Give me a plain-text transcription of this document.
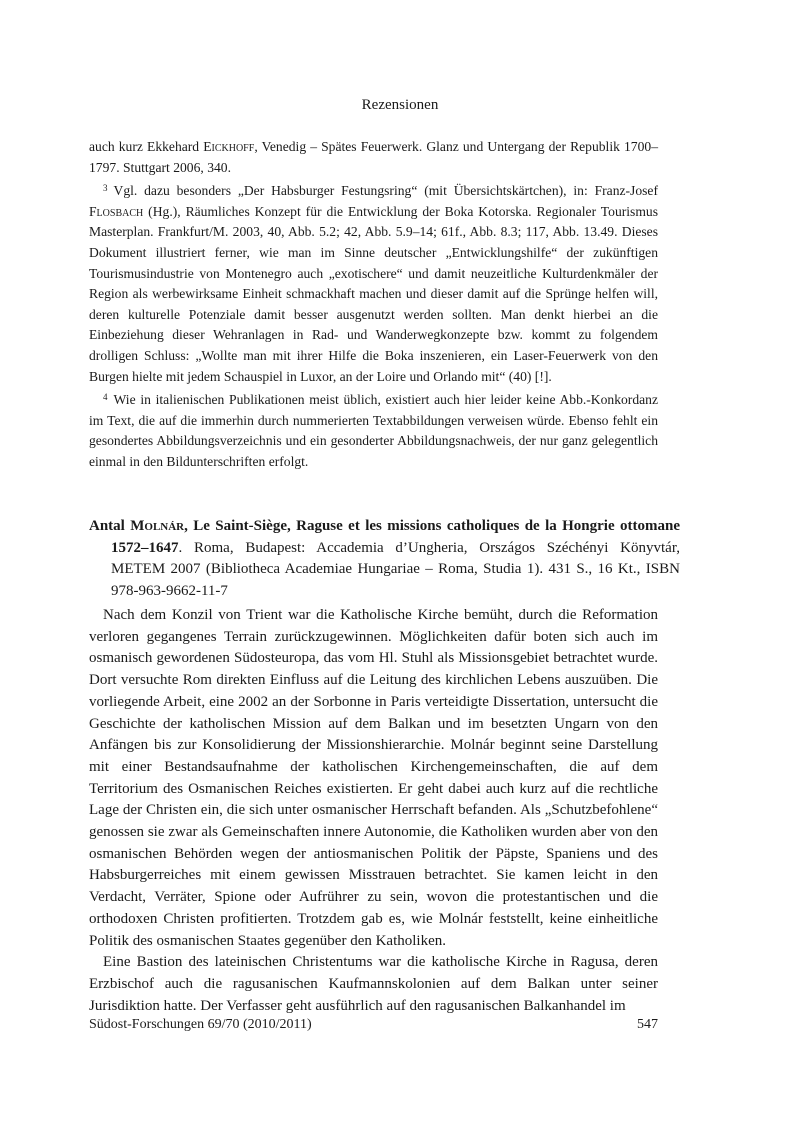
Rezensionen

auch kurz Ekkehard Eickhoff, Venedig – Spätes Feuerwerk. Glanz und Untergang der Republik 1700–1797. Stuttgart 2006, 340.

$^3$ Vgl. dazu besonders „Der Habsburger Festungsring“ (mit Übersichtskärtchen), in: Franz-Josef Flosbach (Hg.), Räumliches Konzept für die Entwicklung der Boka Kotorska. Regionaler Tourismus Masterplan. Frankfurt/M. 2003, 40, Abb. 5.2; 42, Abb. 5.9–14; 61f., Abb. 8.3; 117, Abb. 13.49. Dieses Dokument illustriert ferner, wie man im Sinne deutscher „Entwicklungshilfe“ der zukünftigen Tourismusindustrie von Montenegro auch „exotischere“ und damit neuzeitliche Kulturdenkmäler der Region als werbewirksame Einheit schmackhaft machen und dieser damit auf die Sprünge helfen will, deren kulturelle Potenziale damit besser ausgenutzt werden sollten. Man denkt hierbei an die Einbeziehung dieser Wehranlagen in Rad- und Wanderwegkonzepte bzw. kommt zu folgendem drolligen Schluss: „Wollte man mit ihrer Hilfe die Boka inszenieren, ein Laser-Feuerwerk von den Burgen hielte mit jedem Schauspiel in Luxor, an der Loire und Orlando mit“ (40) [!].

$^4$ Wie in italienischen Publikationen meist üblich, existiert auch hier leider keine Abb.-Konkordanz im Text, die auf die immerhin durch nummerierten Textabbildungen verweisen würde. Ebenso fehlt ein gesondertes Abbildungsverzeichnis und ein gesonderter Abbildungsnachweis, der nur ganz gelegentlich einmal in den Bildunterschriften erfolgt.

Antal Molnár, Le Saint-Siège, Raguse et les missions catholiques de la Hongrie ottomane 1572–1647. Roma, Budapest: Accademia d’Ungheria, Országos Széchényi Könyvtár, METEM 2007 (Bibliotheca Academiae Hungariae – Roma, Studia 1). 431 S., 16 Kt., ISBN 978-963-9662-11-7

Nach dem Konzil von Trient war die Katholische Kirche bemüht, durch die Reformation verloren gegangenes Terrain zurückzugewinnen. Möglichkeiten dafür boten sich auch im osmanisch gewordenen Südosteuropa, das vom Hl. Stuhl als Missionsgebiet betrachtet wurde. Dort versuchte Rom direkten Einfluss auf die Leitung des kirchlichen Lebens auszuüben. Die vorliegende Arbeit, eine 2002 an der Sorbonne in Paris verteidigte Dissertation, untersucht die Geschichte der katholischen Mission auf dem Balkan und im besetzten Ungarn von den Anfängen bis zur Konsolidierung der Missionshierarchie. Molnár beginnt seine Darstellung mit einer Bestandsaufnahme der katholischen Kirchengemeinschaften, die auf dem Territorium des Osmanischen Reiches existierten. Er geht dabei auch kurz auf die rechtliche Lage der Christen ein, die sich unter osmanischer Herrschaft befanden. Als „Schutzbefohlene“ genossen sie zwar als Gemeinschaften innere Autonomie, die Katholiken wurden aber von den osmanischen Behörden wegen der antiosmanischen Politik der Päpste, Spaniens und des Habsburgerreiches mit einem gewissen Misstrauen betrachtet. Sie kamen leicht in den Verdacht, Verräter, Spione oder Aufrührer zu sein, wovon die protestantischen und die orthodoxen Christen profitierten. Trotzdem gab es, wie Molnár feststellt, keine einheitliche Politik des osmanischen Staates gegenüber den Katholiken.

Eine Bastion des lateinischen Christentums war die katholische Kirche in Ragusa, deren Erzbischof auch die ragusanischen Kaufmannskolonien auf dem Balkan unter seiner Jurisdiktion hatte. Der Verfasser geht ausführlich auf den ragusanischen Balkanhandel im

Südost-Forschungen 69/70 (2010/2011)	547
